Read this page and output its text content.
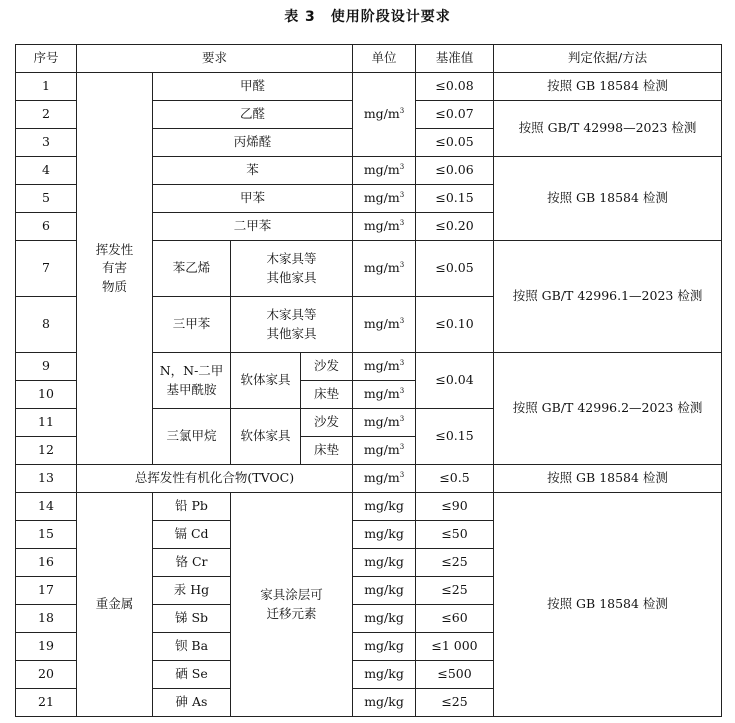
表 3　使用阶段设计要求
序号	要求				单位	基准值	判定依据/方法
1	挥发性
有害
物质	甲醛			$mg/m^3$	≤0.08	按照 GB 18584 检测
2		乙醛				≤0.07	按照 GB/T 42998—2023 检测
3		丙烯醛				≤0.05	
4		苯			$mg/m^3$	≤0.06	按照 GB 18584 检测
5		甲苯			$mg/m^3$	≤0.15	
6		二甲苯			$mg/m^3$	≤0.20	
7		苯乙烯	木家具等
其他家具		$mg/m^3$	≤0.05	按照 GB/T 42996.1—2023 检测
8		三甲苯	木家具等
其他家具		$mg/m^3$	≤0.10	
9		N，N-二甲
基甲酰胺	软体家具	沙发	$mg/m^3$	≤0.04	按照 GB/T 42996.2—2023 检测
10				床垫	$mg/m^3$
11		三氯甲烷	软体家具	沙发	$mg/m^3$	≤0.15	
12				床垫	$mg/m^3$
13	总挥发性有机化合物(TVOC)				$mg/m^3$	≤0.5	按照 GB 18584 检测
14	重金属	铅 Pb	家具涂层可
迁移元素		mg/kg	≤90	按照 GB 18584 检测
15		镉 Cd			mg/kg	≤50	
16		铬 Cr			mg/kg	≤25	
17		汞 Hg			mg/kg	≤25	
18		锑 Sb			mg/kg	≤60	
19		钡 Ba			mg/kg	≤1 000	
20		硒 Se			mg/kg	≤500	
21		砷 As			mg/kg	≤25	
